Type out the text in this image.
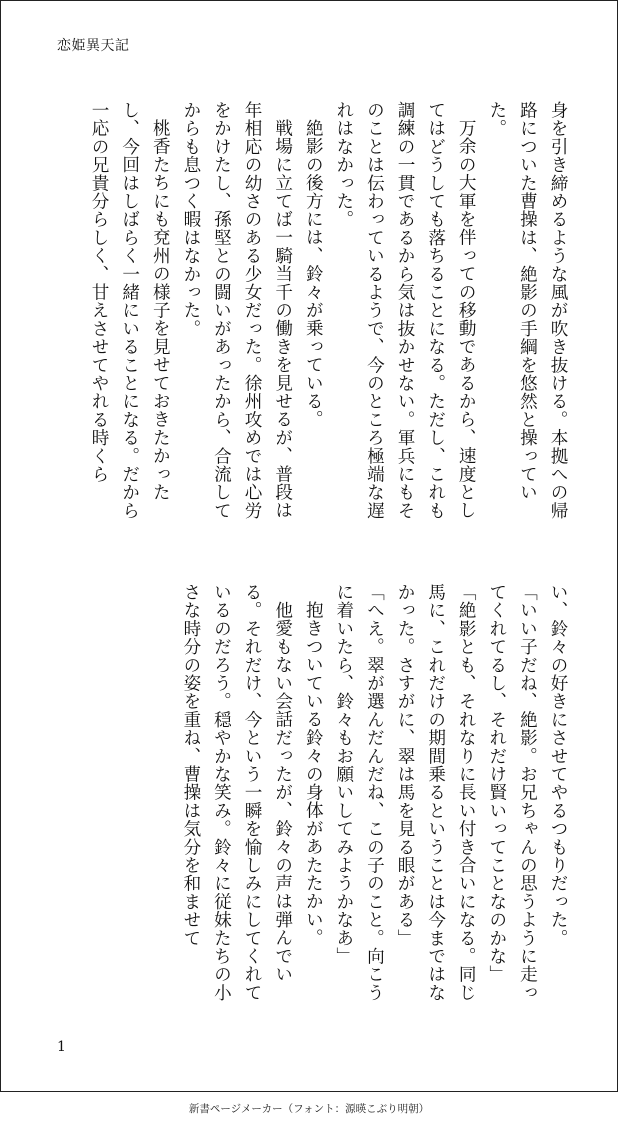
恋姫異天記

身を引き締めるような風が吹き抜ける。本拠への帰路についた曹操は、絶影の手綱を悠然と操っていた。

万余の大軍を伴っての移動であるから、速度としてはどうしても落ちることになる。ただし、これも調練の一貫であるから気は抜かせない。軍兵にもそのことは伝わっているようで、今のところ極端な遅れはなかった。

絶影の後方には、鈴々が乗っている。

戦場に立てば一騎当千の働きを見せるが、普段は年相応の幼さのある少女だった。徐州攻めでは心労をかけたし、孫堅との闘いがあったから、合流してからも息つく暇はなかった。

桃香たちにも兗州の様子を見せておきたかったし、今回はしばらく一緒にいることになる。だから一応の兄貴分らしく、甘えさせてやれる時くら

い、鈴々の好きにさせてやるつもりだった。

「いい子だね、絶影。お兄ちゃんの思うように走ってくれてるし、それだけ賢いってことなのかな」

「絶影とも、それなりに長い付き合いになる。同じ馬に、これだけの期間乗るということは今まではなかった。さすがに、翠は馬を見る眼がある」

「へえ。翠が選んだんだね、この子のこと。向こうに着いたら、鈴々もお願いしてみようかなあ」

抱きついている鈴々の身体があたたかい。

他愛もない会話だったが、鈴々の声は弾んでいる。それだけ、今という一瞬を愉しみにしてくれているのだろう。穏やかな笑み。鈴々に従妹たちの小さな時分の姿を重ね、曹操は気分を和ませて

1
新書ページメーカー（フォント：源暎こぶり明朝）
